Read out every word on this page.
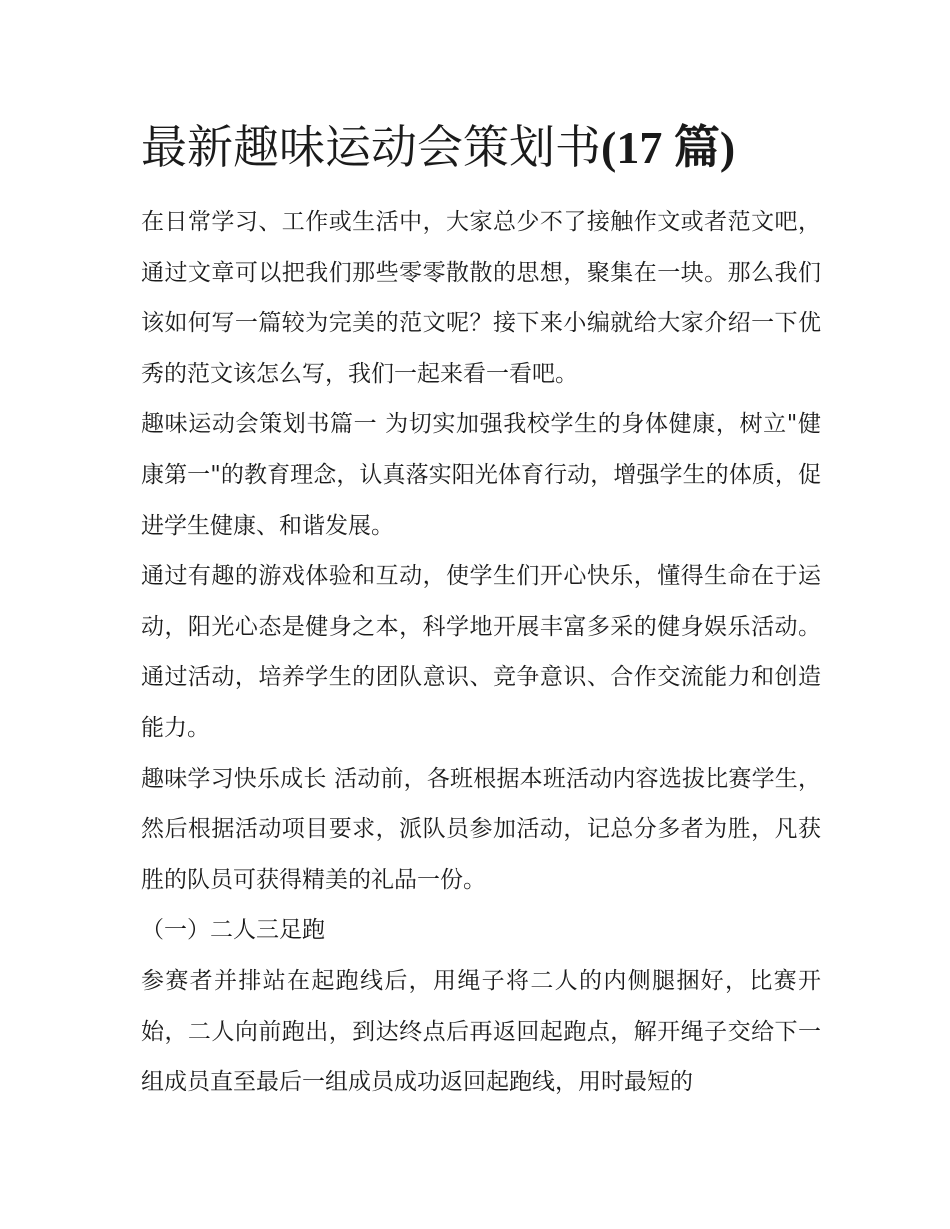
最新趣味运动会策划书(17 篇)

在日常学习、工作或生活中，大家总少不了接触作文或者范文吧，通过文章可以把我们那些零零散散的思想，聚集在一块。那么我们该如何写一篇较为完美的范文呢？接下来小编就给大家介绍一下优秀的范文该怎么写，我们一起来看一看吧。

趣味运动会策划书篇一 为切实加强我校学生的身体健康，树立"健康第一"的教育理念，认真落实阳光体育行动，增强学生的体质，促进学生健康、和谐发展。

通过有趣的游戏体验和互动，使学生们开心快乐，懂得生命在于运动，阳光心态是健身之本，科学地开展丰富多采的健身娱乐活动。通过活动，培养学生的团队意识、竞争意识、合作交流能力和创造能力。

趣味学习快乐成长 活动前，各班根据本班活动内容选拔比赛学生，然后根据活动项目要求，派队员参加活动，记总分多者为胜，凡获胜的队员可获得精美的礼品一份。

（一）二人三足跑

参赛者并排站在起跑线后，用绳子将二人的内侧腿捆好，比赛开始，二人向前跑出，到达终点后再返回起跑点，解开绳子交给下一组成员直至最后一组成员成功返回起跑线，用时最短的
